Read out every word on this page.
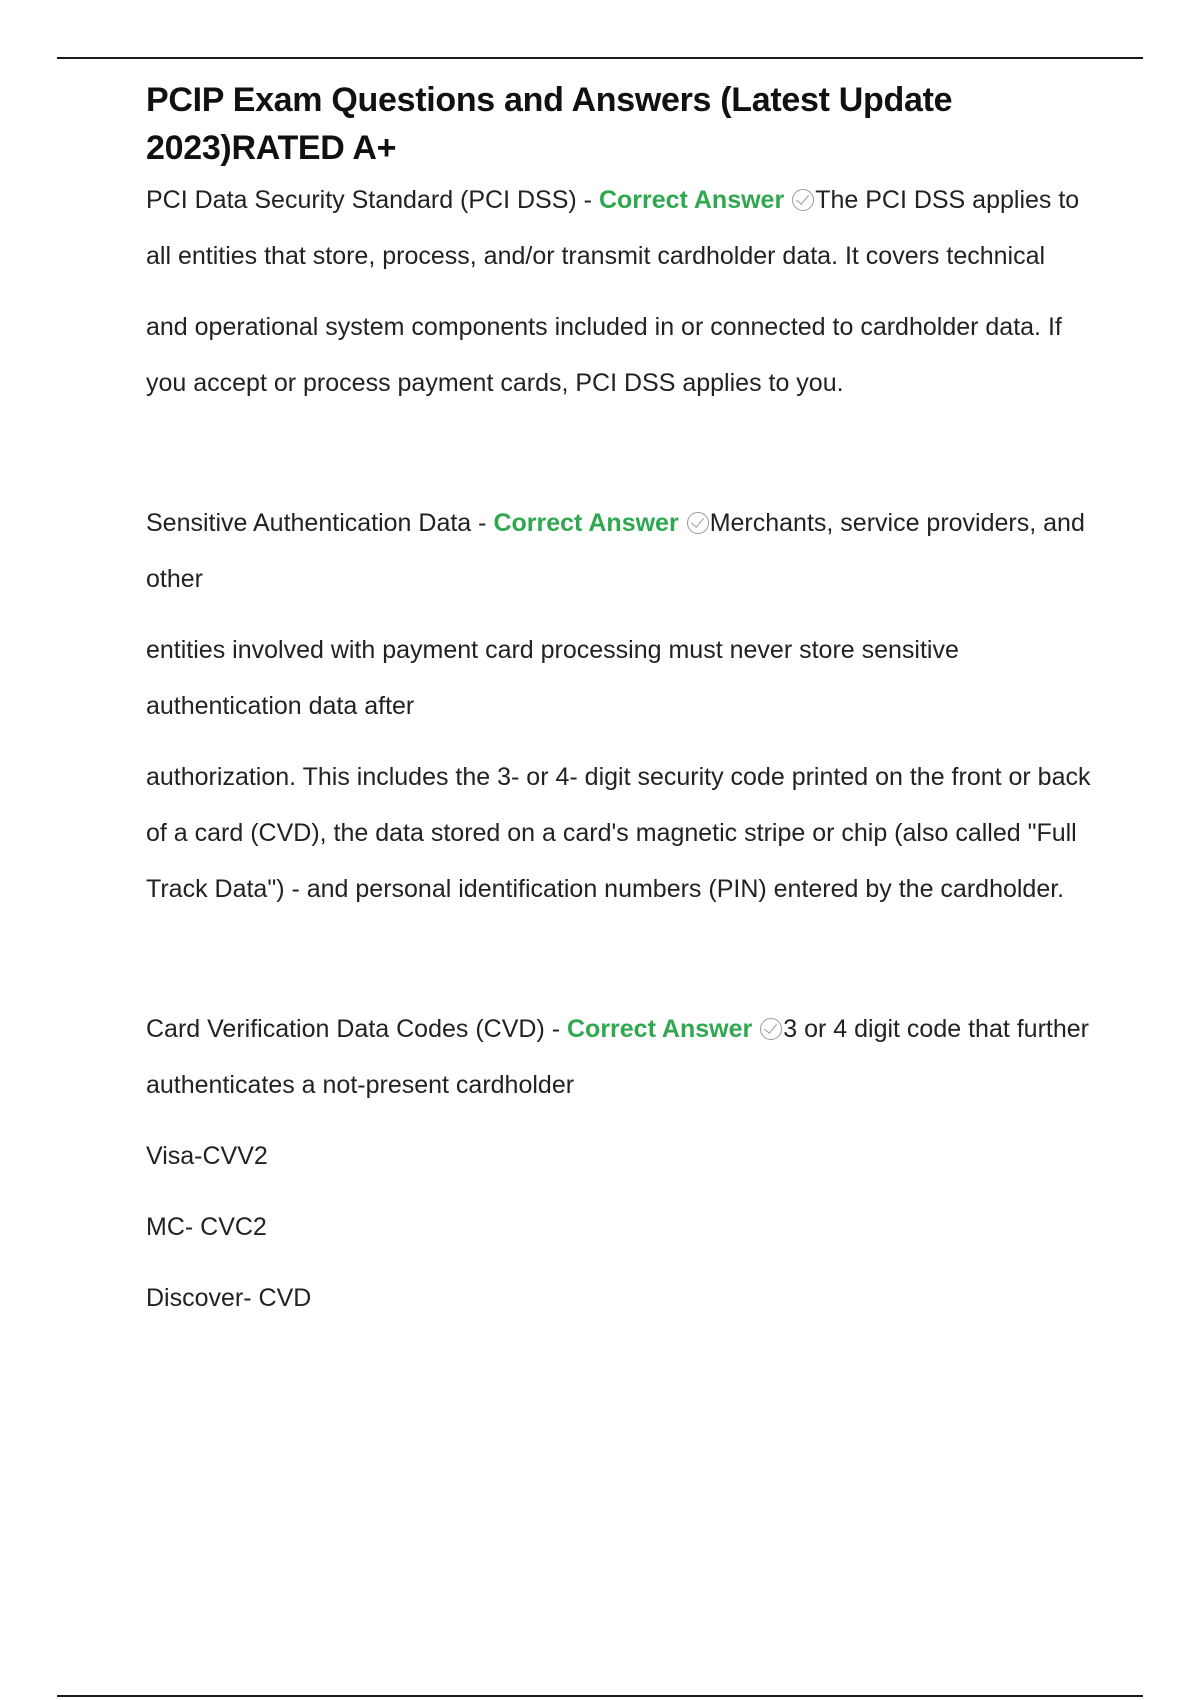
PCIP Exam Questions and Answers (Latest Update 2023)RATED A+

PCI Data Security Standard (PCI DSS) - Correct Answer The PCI DSS applies to all entities that store, process, and/or transmit cardholder data. It covers technical

and operational system components included in or connected to cardholder data. If you accept or process payment cards, PCI DSS applies to you.

Sensitive Authentication Data - Correct Answer Merchants, service providers, and other

entities involved with payment card processing must never store sensitive authentication data after

authorization. This includes the 3- or 4- digit security code printed on the front or back of a card (CVD), the data stored on a card's magnetic stripe or chip (also called "Full Track Data") - and personal identification numbers (PIN) entered by the cardholder.

Card Verification Data Codes (CVD) - Correct Answer 3 or 4 digit code that further authenticates a not-present cardholder

Visa-CVV2

MC- CVC2

Discover- CVD
